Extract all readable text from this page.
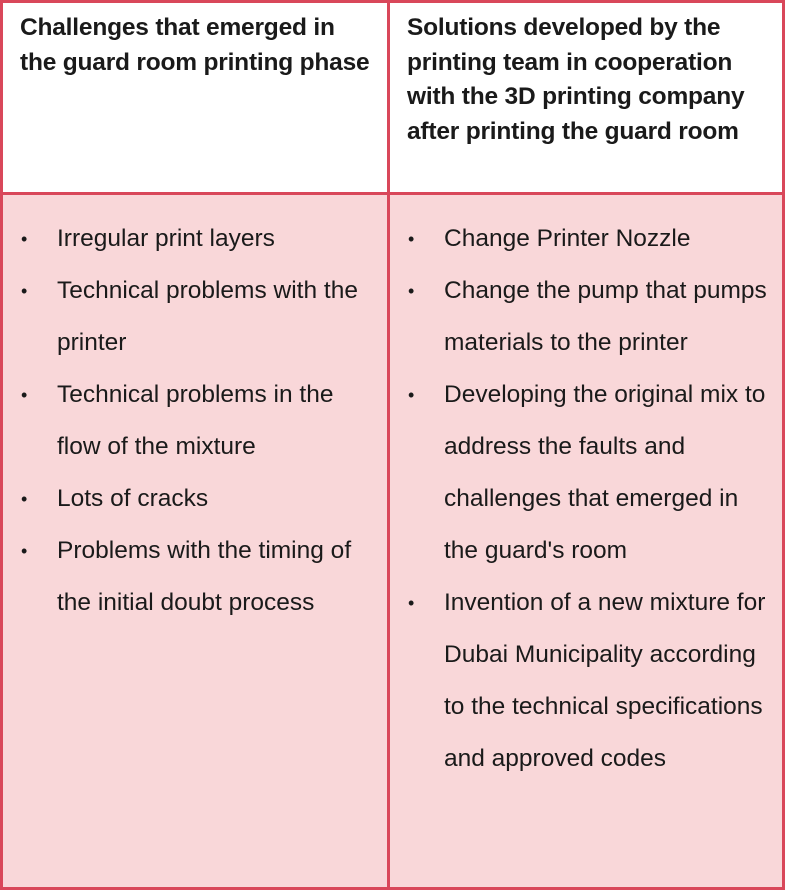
Challenges that emerged in the guard room printing phase
Solutions developed by the printing team in cooperation with the 3D printing company after printing the guard room
• Irregular print layers
• Technical problems with the printer
• Technical problems in the flow of the mixture
• Lots of cracks
• Problems with the timing of the initial doubt process
• Change Printer Nozzle
• Change the pump that pumps materials to the printer
• Developing the original mix to address the faults and challenges that emerged in the guard's room
• Invention of a new mixture for Dubai Municipality according to the technical specifications and approved codes
